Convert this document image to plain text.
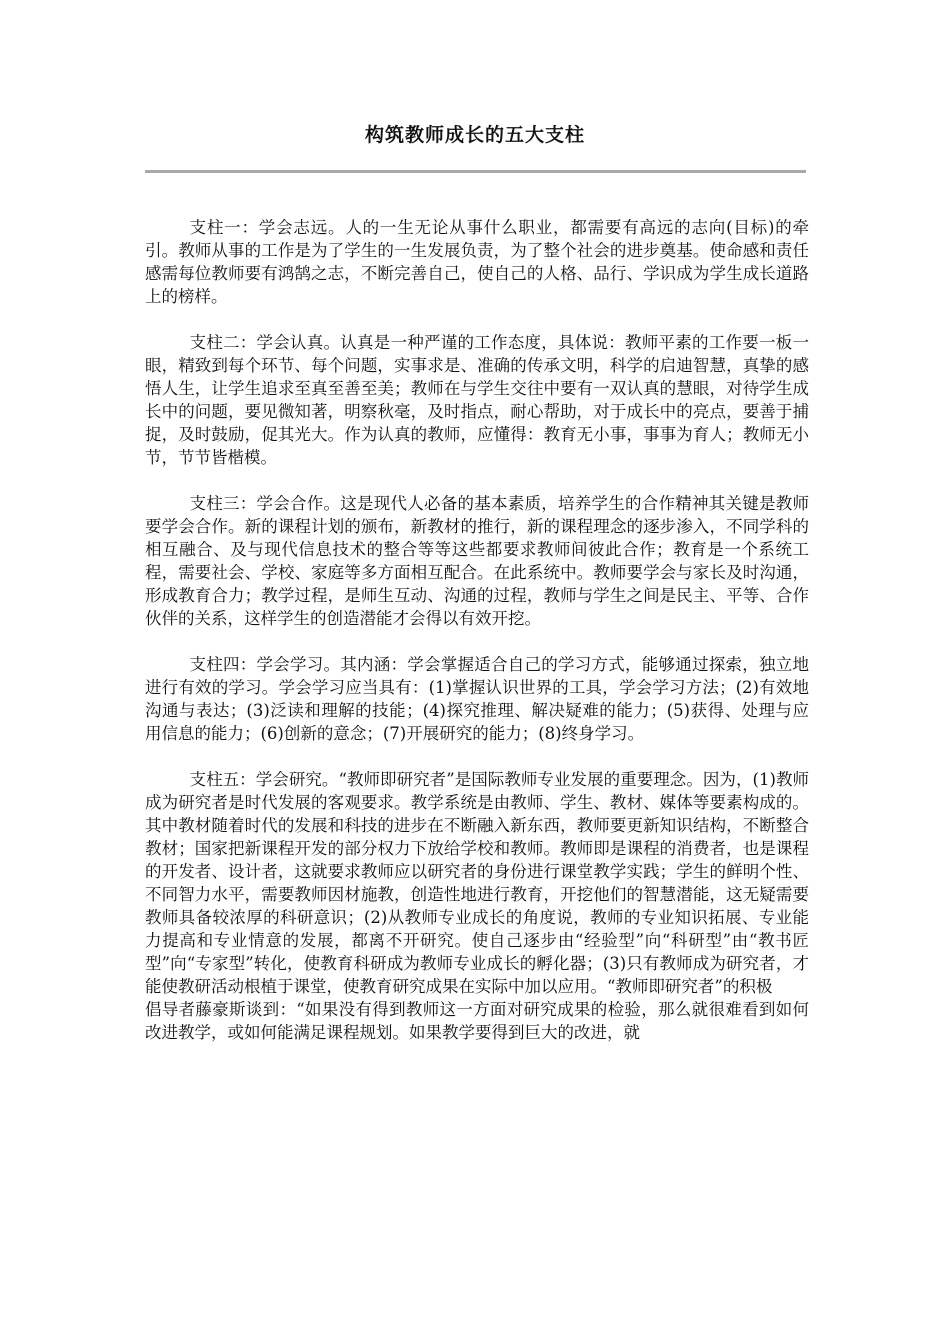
构筑教师成长的五大支柱

支柱一：学会志远。人的一生无论从事什么职业，都需要有高远的志向(目标)的牵引。教师从事的工作是为了学生的一生发展负责，为了整个社会的进步奠基。使命感和责任感需每位教师要有鸿鹄之志，不断完善自己，使自己的人格、品行、学识成为学生成长道路上的榜样。

支柱二：学会认真。认真是一种严谨的工作态度，具体说：教师平素的工作要一板一眼，精致到每个环节、每个问题，实事求是、准确的传承文明，科学的启迪智慧，真挚的感悟人生，让学生追求至真至善至美；教师在与学生交往中要有一双认真的慧眼，对待学生成长中的问题，要见微知著，明察秋毫，及时指点，耐心帮助，对于成长中的亮点，要善于捕捉，及时鼓励，促其光大。作为认真的教师，应懂得：教育无小事，事事为育人；教师无小节，节节皆楷模。

支柱三：学会合作。这是现代人必备的基本素质，培养学生的合作精神其关键是教师要学会合作。新的课程计划的颁布，新教材的推行，新的课程理念的逐步渗入，不同学科的相互融合、及与现代信息技术的整合等等这些都要求教师间彼此合作；教育是一个系统工程，需要社会、学校、家庭等多方面相互配合。在此系统中。教师要学会与家长及时沟通，形成教育合力；教学过程，是师生互动、沟通的过程，教师与学生之间是民主、平等、合作伙伴的关系，这样学生的创造潜能才会得以有效开挖。

支柱四：学会学习。其内涵：学会掌握适合自己的学习方式，能够通过探索，独立地进行有效的学习。学会学习应当具有：(1)掌握认识世界的工具，学会学习方法；(2)有效地沟通与表达；(3)泛读和理解的技能；(4)探究推理、解决疑难的能力；(5)获得、处理与应用信息的能力；(6)创新的意念；(7)开展研究的能力；(8)终身学习。

支柱五：学会研究。“教师即研究者”是国际教师专业发展的重要理念。因为，(1)教师成为研究者是时代发展的客观要求。教学系统是由教师、学生、教材、媒体等要素构成的。其中教材随着时代的发展和科技的进步在不断融入新东西，教师要更新知识结构，不断整合教材；国家把新课程开发的部分权力下放给学校和教师。教师即是课程的消费者，也是课程的开发者、设计者，这就要求教师应以研究者的身份进行课堂教学实践；学生的鲜明个性、不同智力水平，需要教师因材施教，创造性地进行教育，开挖他们的智慧潜能，这无疑需要教师具备较浓厚的科研意识；(2)从教师专业成长的角度说，教师的专业知识拓展、专业能力提高和专业情意的发展，都离不开研究。使自己逐步由“经验型”向“科研型”由“教书匠型”向“专家型”转化，使教育科研成为教师专业成长的孵化器；(3)只有教师成为研究者，才能使教研活动根植于课堂，使教育研究成果在实际中加以应用。“教师即研究者”的积极

倡导者藤豪斯谈到：“如果没有得到教师这一方面对研究成果的检验，那么就很难看到如何改进教学，或如何能满足课程规划。如果教学要得到巨大的改进，就
